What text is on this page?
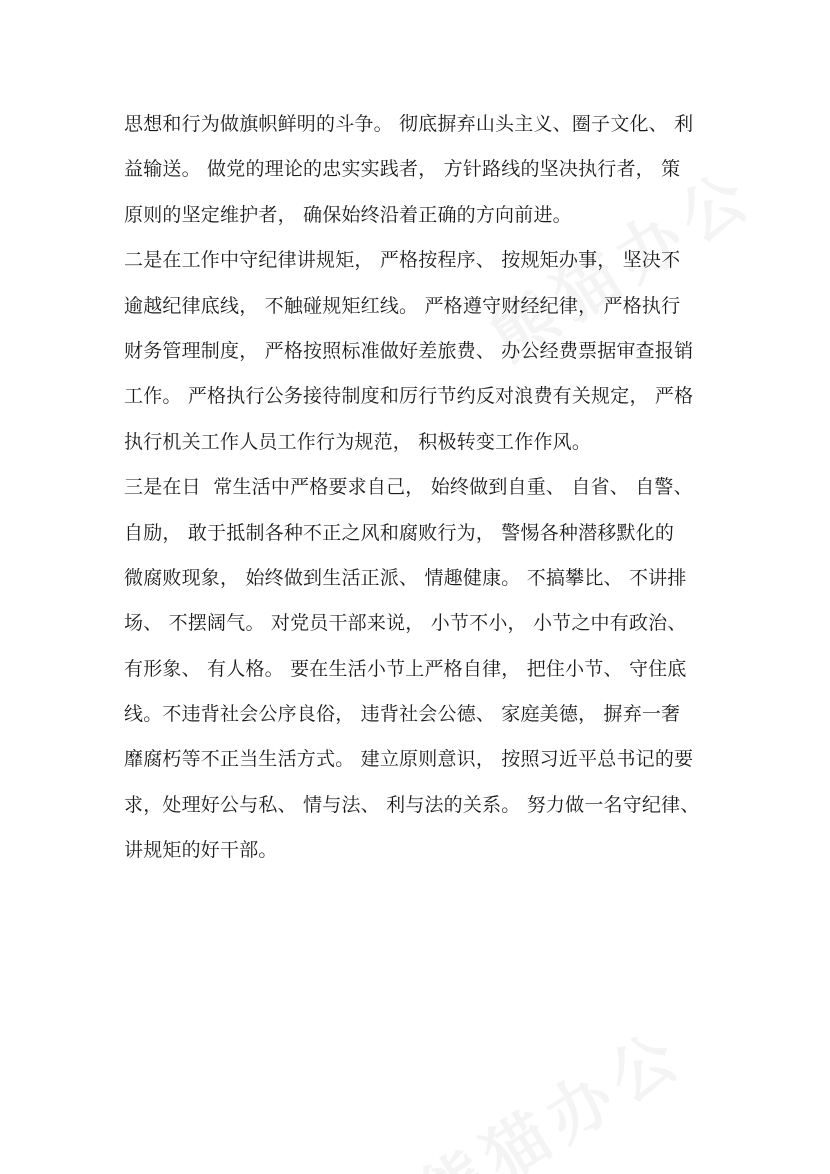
思想和行为做旗帜鲜明的斗争。 彻底摒弃山头主义、圈子文化、 利
益输送。 做党的理论的忠实实践者， 方针路线的坚决执行者， 策
原则的坚定维护者， 确保始终沿着正确的方向前进。
二是在工作中守纪律讲规矩， 严格按程序、 按规矩办事， 坚决不
逾越纪律底线， 不触碰规矩红线。 严格遵守财经纪律， 严格执行
财务管理制度， 严格按照标准做好差旅费、 办公经费票据审查报销
工作。 严格执行公务接待制度和厉行节约反对浪费有关规定， 严格
执行机关工作人员工作行为规范， 积极转变工作作风。
三是在日  常生活中严格要求自己， 始终做到自重、 自省、 自警、
自励， 敢于抵制各种不正之风和腐败行为， 警惕各种潜移默化的
微腐败现象， 始终做到生活正派、 情趣健康。 不搞攀比、 不讲排
场、 不摆阔气。 对党员干部来说， 小节不小， 小节之中有政治、
有形象、 有人格。 要在生活小节上严格自律， 把住小节、 守住底
线。不违背社会公序良俗， 违背社会公德、 家庭美德， 摒弃一奢
靡腐朽等不正当生活方式。 建立原则意识， 按照习近平总书记的要
求，处理好公与私、 情与法、 利与法的关系。 努力做一名守纪律、
讲规矩的好干部。
